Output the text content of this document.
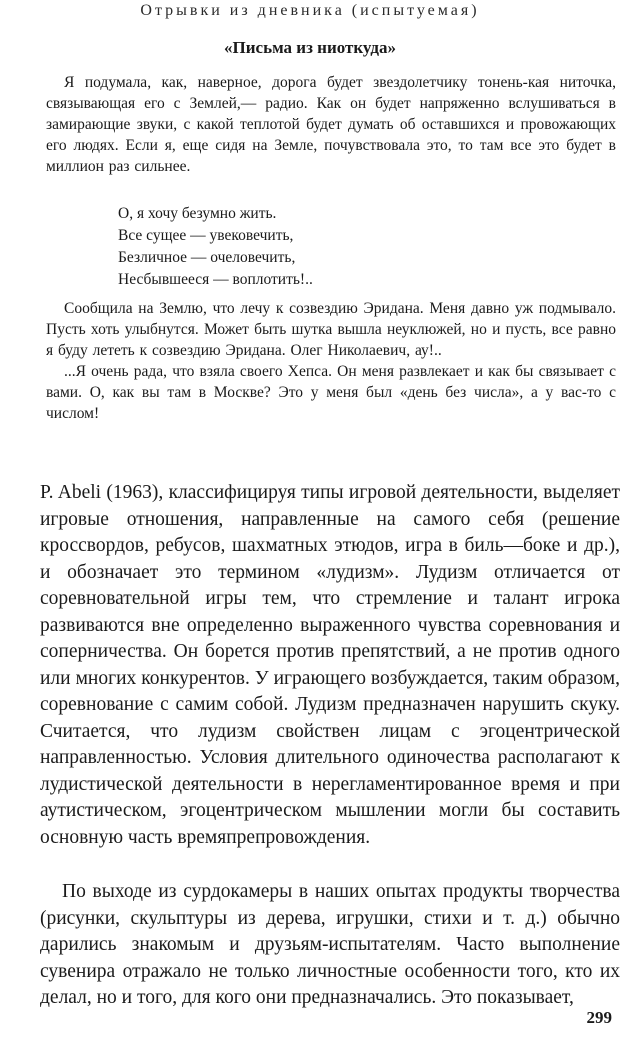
Отрывки из дневника (испытуемая)
«Письма из ниоткуда»

Я подумала, как, наверное, дорога будет звездолетчику тонень-кая ниточка, связывающая его с Землей,— радио. Как он будет напряженно вслушиваться в замирающие звуки, с какой теплотой будет думать об оставшихся и провожающих его людях. Если я, еще сидя на Земле, почувствовала это, то там все это будет в миллион раз сильнее.

О, я хочу безумно жить.
Все сущее — увековечить,
Безличное — очеловечить,
Несбывшееся — воплотить!..

Сообщила на Землю, что лечу к созвездию Эридана. Меня давно уж подмывало. Пусть хоть улыбнутся. Может быть шутка вышла неуклюжей, но и пусть, все равно я буду лететь к созвездию Эридана. Олег Николаевич, ау!..

...Я очень рада, что взяла своего Хепса. Он меня развлекает и как бы связывает с вами. О, как вы там в Москве? Это у меня был «день без числа», а у вас-то с числом!

P. Abeli (1963), классифицируя типы игровой деятельности, выделяет игровые отношения, направленные на самого себя (решение кроссвордов, ребусов, шахматных этюдов, игра в биль—боке и др.), и обозначает это термином «лудизм». Лудизм отличается от соревновательной игры тем, что стремление и талант игрока развиваются вне определенно выраженного чувства соревнования и соперничества. Он борется против препятствий, а не против одного или многих конкурентов. У играющего возбуждается, таким образом, соревнование с самим собой. Лудизм предназначен нарушить скуку. Считается, что лудизм свойствен лицам с эгоцентрической направленностью. Условия длительного одиночества располагают к лудистической деятельности в нерегламентированное время и при аутистическом, эгоцентрическом мышлении могли бы составить основную часть времяпрепровождения.

По выходе из сурдокамеры в наших опытах продукты творчества (рисунки, скульптуры из дерева, игрушки, стихи и т. д.) обычно дарились знакомым и друзьям-испытателям. Часто выполнение сувенира отражало не только личностные особенности того, кто их делал, но и того, для кого они предназначались. Это показывает,

299
